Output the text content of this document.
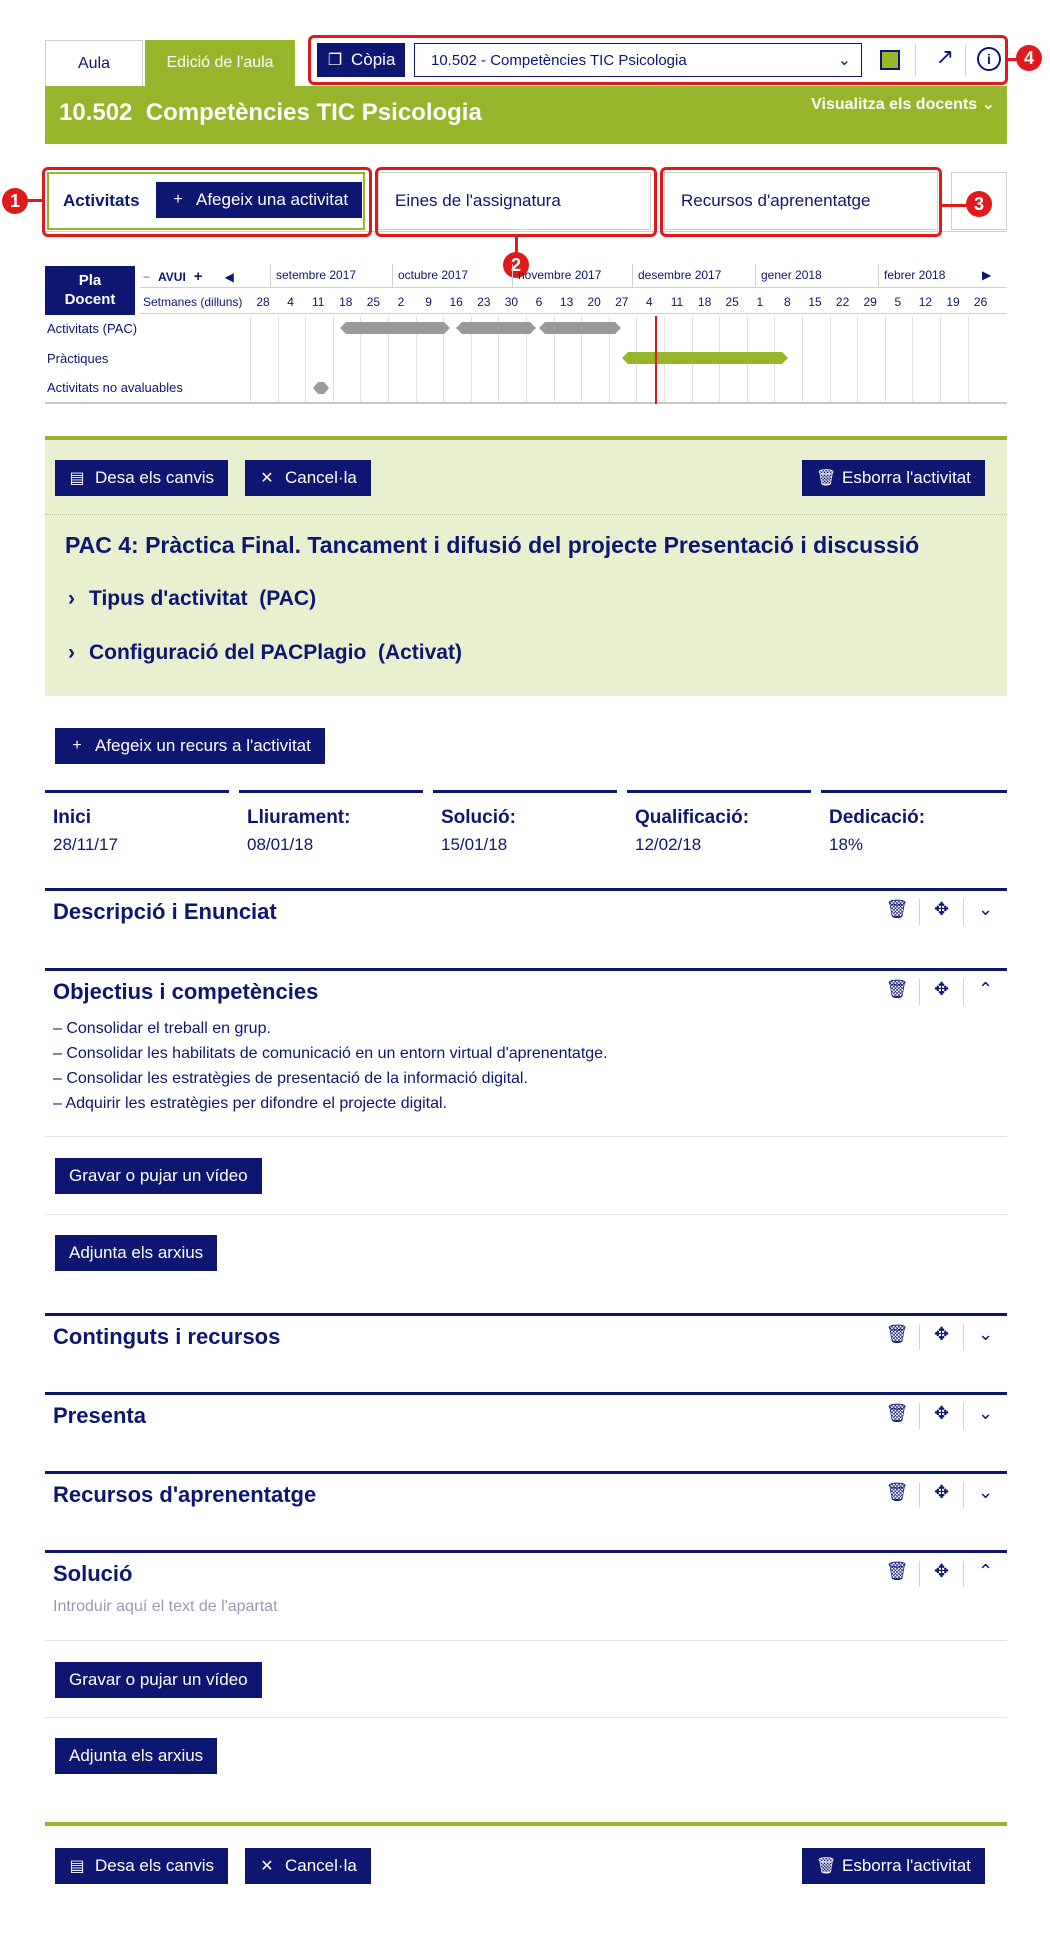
Aula	Edició de l'aula	❐ Còpia 10.502 - Competències TIC Psicologia	⌄	↗	i
10.502  Competències TIC Psicologia	Visualitza els docents ⌄
Activitats + Afegeix una activitat	Eines de l'assignatura	Recursos d'aprenentatge
1
2
3
4
Pla
Docent
− AVUI + ◀
Setmanes (dilluns)
▶
setembre 2017	octubre 2017	novembre 2017	desembre 2017	gener 2018	febrer 2018
28	4	11	18	25	2	9	16	23	30	6	13	20	27	4	11	18	25	1	8	15	22	29	5	12	19	26
Activitats (PAC)
Pràctiques
Activitats no avaluables
▤ Desa els canvis	✕ Cancel·la	🗑 Esborra l'activitat
PAC 4: Pràctica Final. Tancament i difusió del projecte Presentació i discussió
› Tipus d'activitat  (PAC)
› Configuració del PACPlagio  (Activat)
+ Afegeix un recurs a l'activitat
Inici
28/11/17
Lliurament:
08/01/18
Solució:
15/01/18
Qualificació:
12/02/18
Dedicació:
18%
Descripció i Enunciat	🗑	✥	⌄
Objectius i competències	🗑	✥	⌃
– Consolidar el treball en grup.
– Consolidar les habilitats de comunicació en un entorn virtual d'aprenentatge.
– Consolidar les estratègies de presentació de la informació digital.
– Adquirir les estratègies per difondre el projecte digital.
Gravar o pujar un vídeo
Adjunta els arxius
Continguts i recursos	🗑	✥	⌄
Presenta	🗑	✥	⌄
Recursos d'aprenentatge	🗑	✥	⌄
Solució	🗑	✥	⌃
Introduir aquí el text de l'apartat
Gravar o pujar un vídeo
Adjunta els arxius
▤ Desa els canvis	✕ Cancel·la	🗑 Esborra l'activitat
